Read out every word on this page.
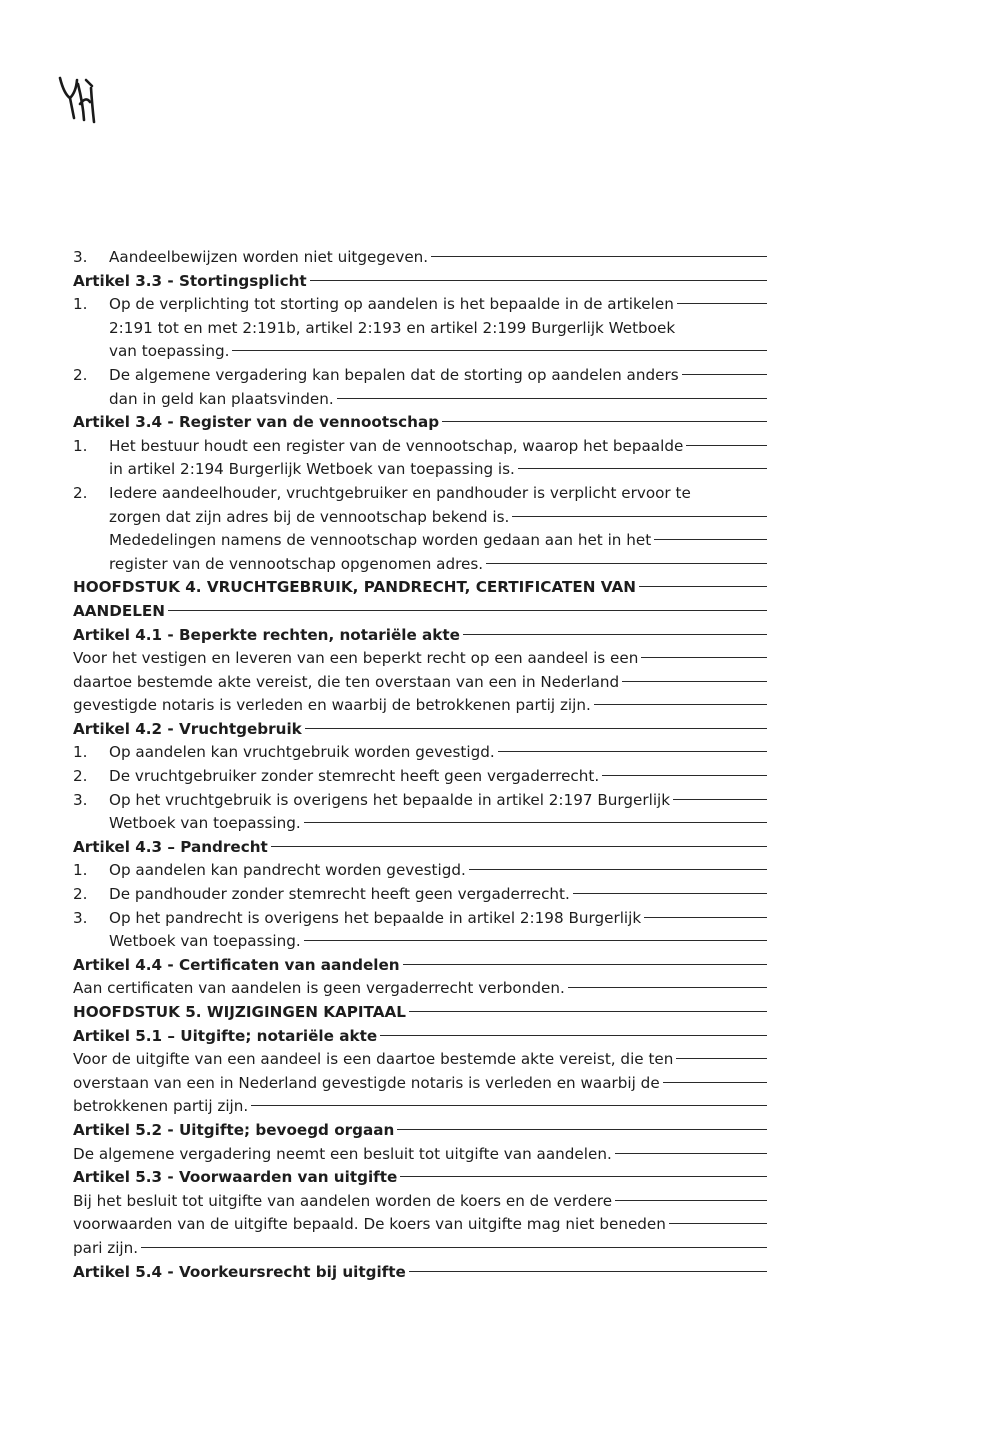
3.	Aandeelbewijzen worden niet uitgegeven.
Artikel 3.3 - Stortingsplicht
1.	Op de verplichting tot storting op aandelen is het bepaalde in de artikelen
2:191 tot en met 2:191b, artikel 2:193 en artikel 2:199 Burgerlijk Wetboek
van toepassing.
2.	De algemene vergadering kan bepalen dat de storting op aandelen anders
dan in geld kan plaatsvinden.
Artikel 3.4 - Register van de vennootschap
1.	Het bestuur houdt een register van de vennootschap, waarop het bepaalde
in artikel 2:194 Burgerlijk Wetboek van toepassing is.
2.	Iedere aandeelhouder, vruchtgebruiker en pandhouder is verplicht ervoor te
zorgen dat zijn adres bij de vennootschap bekend is.
Mededelingen namens de vennootschap worden gedaan aan het in het
register van de vennootschap opgenomen adres.
HOOFDSTUK 4. VRUCHTGEBRUIK, PANDRECHT, CERTIFICATEN VAN
AANDELEN
Artikel 4.1 - Beperkte rechten, notariële akte
Voor het vestigen en leveren van een beperkt recht op een aandeel is een
daartoe bestemde akte vereist, die ten overstaan van een in Nederland
gevestigde notaris is verleden en waarbij de betrokkenen partij zijn.
Artikel 4.2 - Vruchtgebruik
1.	Op aandelen kan vruchtgebruik worden gevestigd.
2.	De vruchtgebruiker zonder stemrecht heeft geen vergaderrecht.
3.	Op het vruchtgebruik is overigens het bepaalde in artikel 2:197 Burgerlijk
Wetboek van toepassing.
Artikel 4.3 – Pandrecht
1.	Op aandelen kan pandrecht worden gevestigd.
2.	De pandhouder zonder stemrecht heeft geen vergaderrecht.
3.	Op het pandrecht is overigens het bepaalde in artikel 2:198 Burgerlijk
Wetboek van toepassing.
Artikel 4.4 - Certificaten van aandelen
Aan certificaten van aandelen is geen vergaderrecht verbonden.
HOOFDSTUK 5. WIJZIGINGEN KAPITAAL
Artikel 5.1 – Uitgifte; notariële akte
Voor de uitgifte van een aandeel is een daartoe bestemde akte vereist, die ten
overstaan van een in Nederland gevestigde notaris is verleden en waarbij de
betrokkenen partij zijn.
Artikel 5.2 - Uitgifte; bevoegd orgaan
De algemene vergadering neemt een besluit tot uitgifte van aandelen.
Artikel 5.3 - Voorwaarden van uitgifte
Bij het besluit tot uitgifte van aandelen worden de koers en de verdere
voorwaarden van de uitgifte bepaald. De koers van uitgifte mag niet beneden
pari zijn.
Artikel 5.4 - Voorkeursrecht bij uitgifte
